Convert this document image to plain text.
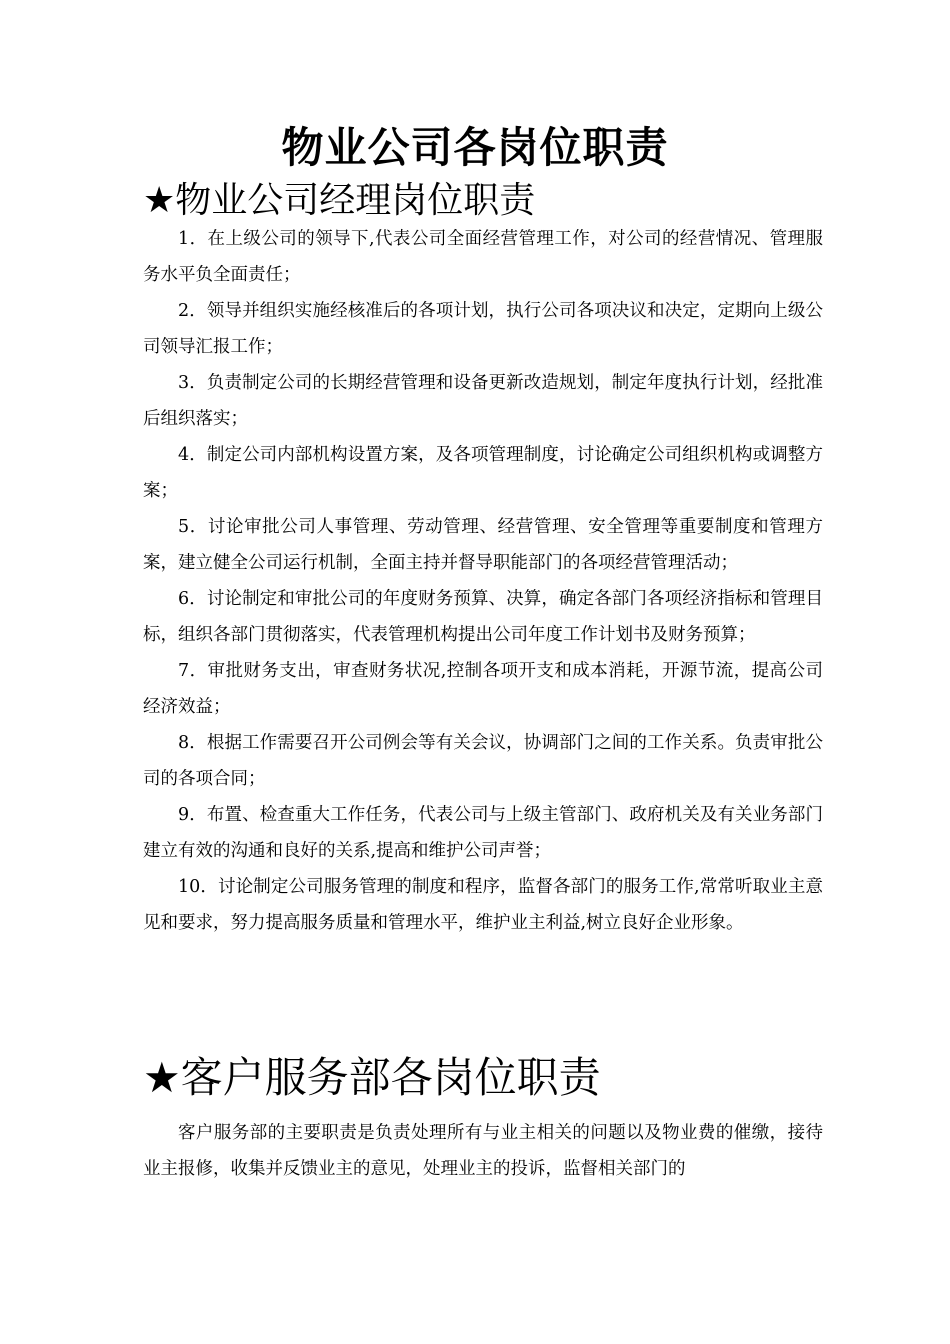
物业公司各岗位职责
★物业公司经理岗位职责

1．在上级公司的领导下,代表公司全面经营管理工作，对公司的经营情况、管理服务水平负全面责任；

2．领导并组织实施经核准后的各项计划，执行公司各项决议和决定，定期向上级公司领导汇报工作；

3．负责制定公司的长期经营管理和设备更新改造规划，制定年度执行计划，经批准后组织落实；

4．制定公司内部机构设置方案，及各项管理制度，讨论确定公司组织机构或调整方案；

5．讨论审批公司人事管理、劳动管理、经营管理、安全管理等重要制度和管理方案，建立健全公司运行机制，全面主持并督导职能部门的各项经营管理活动；

6．讨论制定和审批公司的年度财务预算、决算，确定各部门各项经济指标和管理目标，组织各部门贯彻落实，代表管理机构提出公司年度工作计划书及财务预算；

7．审批财务支出，审查财务状况,控制各项开支和成本消耗，开源节流，提高公司经济效益；

8．根据工作需要召开公司例会等有关会议，协调部门之间的工作关系。负责审批公司的各项合同；

9．布置、检查重大工作任务，代表公司与上级主管部门、政府机关及有关业务部门建立有效的沟通和良好的关系,提高和维护公司声誉；

10．讨论制定公司服务管理的制度和程序，监督各部门的服务工作,常常听取业主意见和要求，努力提高服务质量和管理水平，维护业主利益,树立良好企业形象。

★客户服务部各岗位职责

客户服务部的主要职责是负责处理所有与业主相关的问题以及物业费的催缴，接待业主报修，收集并反馈业主的意见，处理业主的投诉，监督相关部门的
